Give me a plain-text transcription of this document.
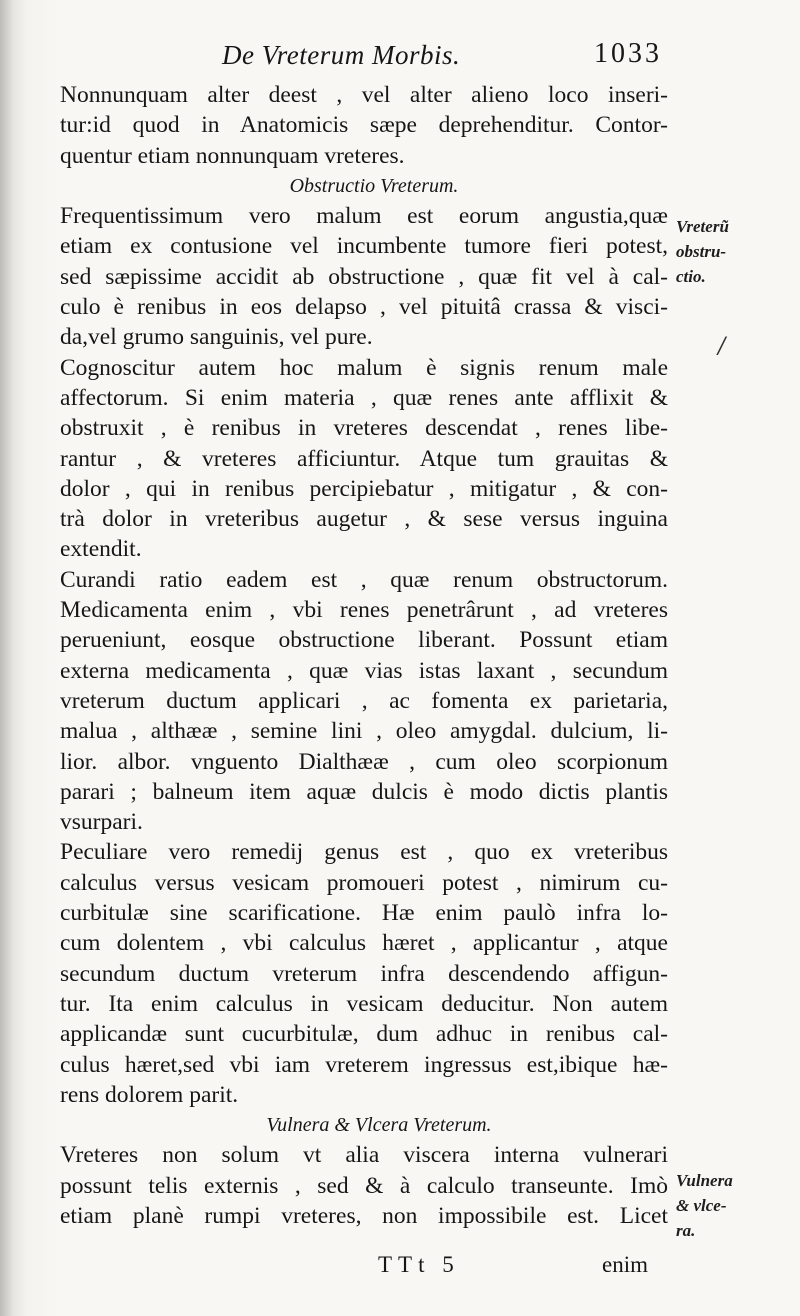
De Vreterum Morbis.	1033
Nonnunquam alter deest , vel alter alieno loco inseri-
tur:id quod in Anatomicis sæpe deprehenditur. Contor-
quentur etiam nonnunquam vreteres.
Obstructio Vreterum.
Frequentissimum vero malum est eorum angustia,quæ
etiam ex contusione vel incumbente tumore fieri potest,
sed sæpissime accidit ab obstructione , quæ fit vel à cal-
culo è renibus in eos delapso , vel pituitâ crassa & visci-
da,vel grumo sanguinis, vel pure.
Cognoscitur autem hoc malum è signis renum male
affectorum. Si enim materia , quæ renes ante afflixit &
obstruxit , è renibus in vreteres descendat , renes libe-
rantur , & vreteres afficiuntur. Atque tum grauitas &
dolor , qui in renibus percipiebatur , mitigatur , & con-
trà dolor in vreteribus augetur , & sese versus inguina
extendit.
Curandi ratio eadem est , quæ renum obstructorum.
Medicamenta enim , vbi renes penetrârunt , ad vreteres
perueniunt, eosque obstructione liberant. Possunt etiam
externa medicamenta , quæ vias istas laxant , secundum
vreterum ductum applicari , ac fomenta ex parietaria,
malua , althææ , semine lini , oleo amygdal. dulcium, li-
lior. albor. vnguento Dialthææ , cum oleo scorpionum
parari ; balneum item aquæ dulcis è modo dictis plantis
vsurpari.
Peculiare vero remedij genus est , quo ex vreteribus
calculus versus vesicam promoueri potest , nimirum cu-
curbitulæ sine scarificatione. Hæ enim paulò infra lo-
cum dolentem , vbi calculus hæret , applicantur , atque
secundum ductum vreterum infra descendendo affigun-
tur. Ita enim calculus in vesicam deducitur. Non autem
applicandæ sunt cucurbitulæ, dum adhuc in renibus cal-
culus hæret,sed vbi iam vreterem ingressus est,ibique hæ-
rens dolorem parit.
Vulnera & Vlcera Vreterum.
Vreteres non solum vt alia viscera interna vulnerari
possunt telis externis , sed & à calculo transeunte. Imò
etiam planè rumpi vreteres, non impossibile est. Licet
Vreterũ
obstru-
ctio.
/
Vulnera
& vlce-
ra.
TTt 5	enim
